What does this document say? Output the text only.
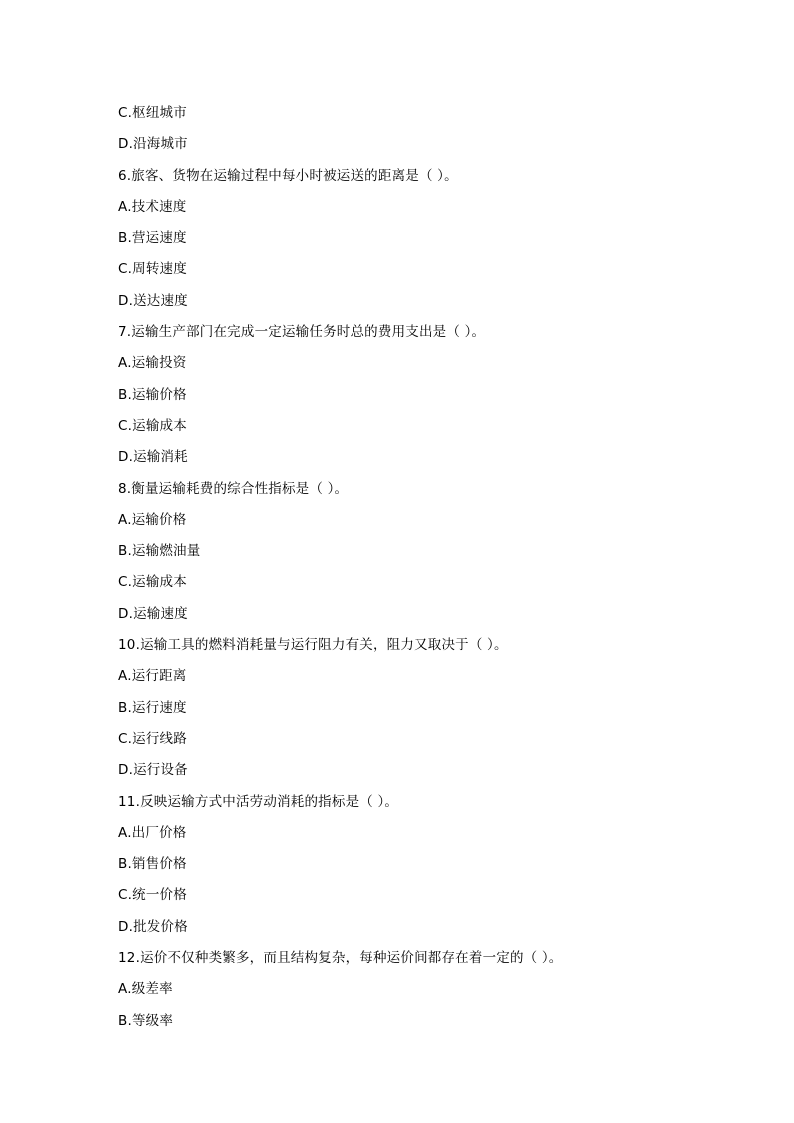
C.枢纽城市
D.沿海城市
6.旅客、货物在运输过程中每小时被运送的距离是（ ）。
A.技术速度
B.营运速度
C.周转速度
D.送达速度
7.运输生产部门在完成一定运输任务时总的费用支出是（ ）。
A.运输投资
B.运输价格
C.运输成本
D.运输消耗
8.衡量运输耗费的综合性指标是（ ）。
A.运输价格
B.运输燃油量
C.运输成本
D.运输速度
10.运输工具的燃料消耗量与运行阻力有关，阻力又取决于（ ）。
A.运行距离
B.运行速度
C.运行线路
D.运行设备
11.反映运输方式中活劳动消耗的指标是（ ）。
A.出厂价格
B.销售价格
C.统一价格
D.批发价格
12.运价不仅种类繁多，而且结构复杂，每种运价间都存在着一定的（ ）。
A.级差率
B.等级率
